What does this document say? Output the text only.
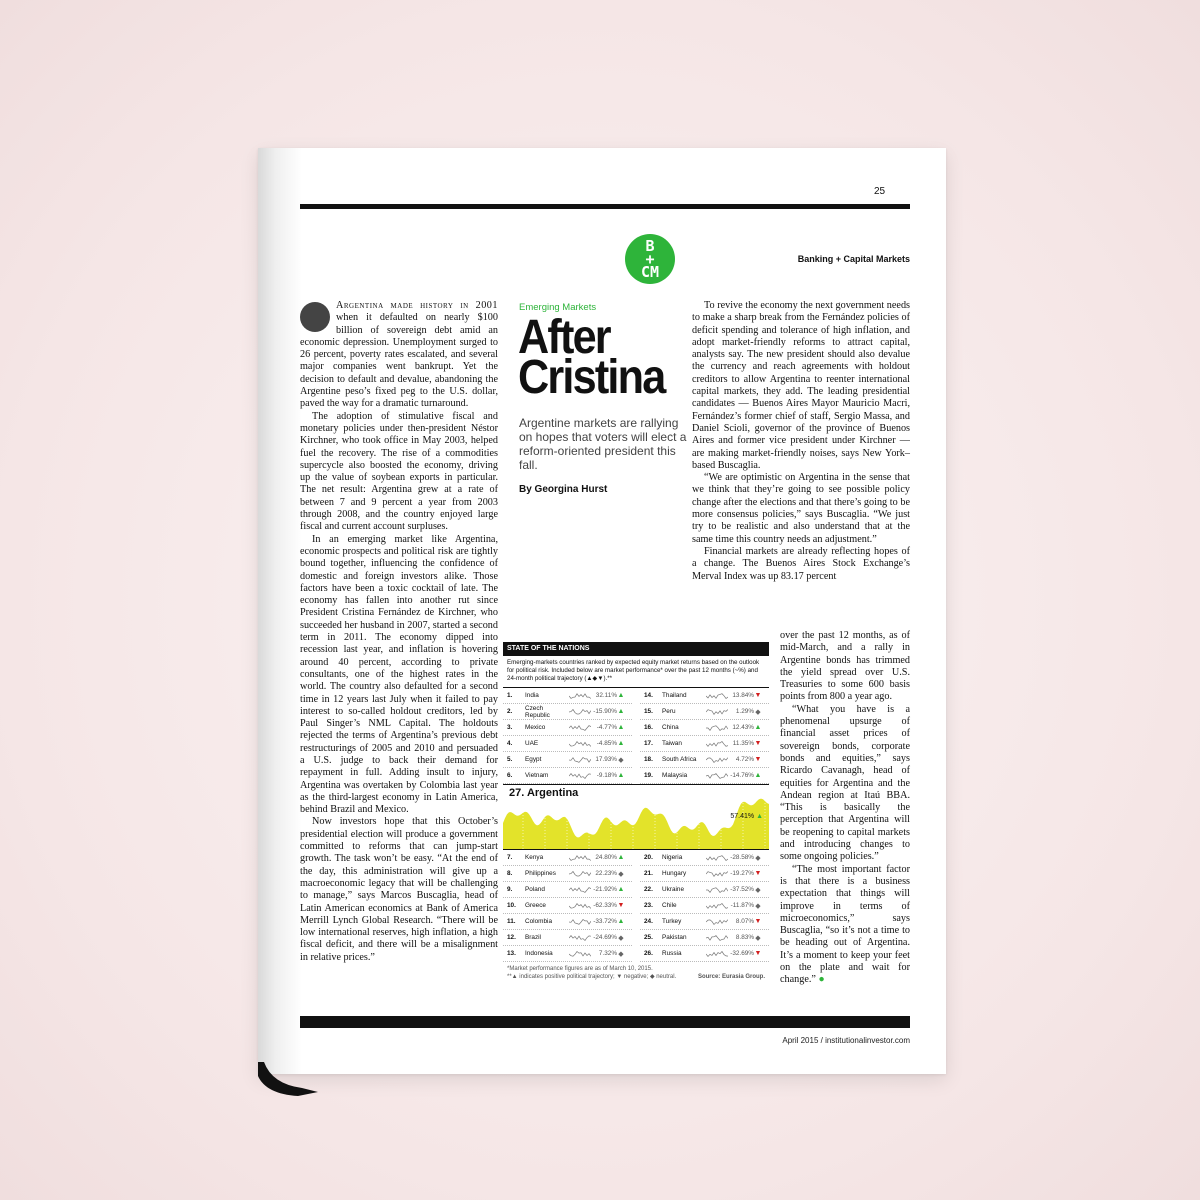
25
B
+
CM
Banking + Capital Markets

Argentina made history in 2001 when it defaulted on nearly $100 billion of sovereign debt amid an economic depression. Unemployment surged to 26 percent, poverty rates escalated, and several major companies went bankrupt. Yet the decision to default and devalue, abandoning the Argentine peso’s fixed peg to the U.S. dollar, paved the way for a dramatic turnaround.

The adoption of stimulative fiscal and monetary policies under then-president Néstor Kirchner, who took office in May 2003, helped fuel the recovery. The rise of a commodities supercycle also boosted the economy, driving up the value of soybean exports in particular. The net result: Argentina grew at a rate of between 7 and 9 percent a year from 2003 through 2008, and the country enjoyed large fiscal and current account surpluses.

In an emerging market like Argentina, economic prospects and political risk are tightly bound together, influencing the confidence of domestic and foreign investors alike. Those factors have been a toxic cocktail of late. The economy has fallen into another rut since President Cristina Fernández de Kirchner, who succeeded her husband in 2007, started a second term in 2011. The economy dipped into recession last year, and inflation is hovering around 40 percent, according to private consultants, one of the highest rates in the world. The country also defaulted for a second time in 12 years last July when it failed to pay interest to so-called holdout creditors, led by Paul Singer’s NML Capital. The holdouts rejected the terms of Argentina’s previous debt restructurings of 2005 and 2010 and persuaded a U.S. judge to back their demand for repayment in full. Adding insult to injury, Argentina was overtaken by Colombia last year as the third-largest economy in Latin America, behind Brazil and Mexico.

Now investors hope that this October’s presidential election will produce a government committed to reforms that can jump-start growth. The task won’t be easy. “At the end of the day, this administration will give up a macroeconomic legacy that will be challenging to manage,” says Marcos Buscaglia, head of Latin American economics at Bank of America Merrill Lynch Global Research. “There will be low international reserves, high inflation, a high fiscal deficit, and there will be a misalignment in relative prices.”

Emerging Markets
After
Cristina
Argentine markets are rallying on hopes that voters will elect a reform-oriented president this fall.
By Georgina Hurst

To revive the economy the next government needs to make a sharp break from the Fernández policies of deficit spending and tolerance of high inflation, and adopt market-friendly reforms to attract capital, analysts say. The new president should also devalue the currency and reach agreements with holdout creditors to allow Argentina to reenter international capital markets, they add. The leading presidential candidates — Buenos Aires Mayor Mauricio Macri, Fernández’s former chief of staff, Sergio Massa, and Daniel Scioli, governor of the province of Buenos Aires and former vice president under Kirchner — are making market-friendly noises, says New York–based Buscaglia.

“We are optimistic on Argentina in the sense that we think that they’re going to see possible policy change after the elections and that there’s going to be more consensus policies,” says Buscaglia. “We just try to be realistic and also understand that at the same time this country needs an adjustment.”

Financial markets are already reflecting hopes of a change. The Buenos Aires Stock Exchange’s Merval Index was up 83.17 percent

over the past 12 months, as of mid-March, and a rally in Argentine bonds has trimmed the yield spread over U.S. Treasuries to some 600 basis points from 800 a year ago.

“What you have is a phenomenal upsurge of financial asset prices of sovereign bonds, corporate bonds and equities,” says Ricardo Cavanagh, head of equities for Argentina and the Andean region at Itaú BBA. “This is basically the perception that Argentina will be reopening to capital markets and introducing changes to some ongoing policies.”

“The most important factor is that there is a business expectation that things will improve in terms of microeconomics,” says Buscaglia, “so it’s not a time to be heading out of Argentina. It’s a moment to keep your feet on the plate and wait for change.” ●

STATE OF THE NATIONS
Emerging-markets countries ranked by expected equity market returns based on the outlook for political risk. Included below are market performance* over the past 12 months (~%) and 24-month political trajectory (▲◆▼).**
1.	India	32.11% ▲	14.	Thailand	13.84% ▼
2.	Czech Republic	-15.90% ▲	15.	Peru	1.29% ◆
3.	Mexico	-4.77% ▲	16.	China	12.43% ▲
4.	UAE	-4.85% ▲	17.	Taiwan	11.35% ▼
5.	Egypt	17.93% ◆	18.	South Africa	4.72% ▼
6.	Vietnam	-9.18% ▲	19.	Malaysia	-14.76% ▲
27. Argentina
57.41% ▲
7.	Kenya	24.80% ▲	20.	Nigeria	-28.58% ◆
8.	Philippines	22.23% ◆	21.	Hungary	-19.27% ▼
9.	Poland	-21.92% ▲	22.	Ukraine	-37.52% ◆
10.	Greece	-62.33% ▼	23.	Chile	-11.87% ◆
11.	Colombia	-33.72% ▲	24.	Turkey	8.07% ▼
12.	Brazil	-24.69% ◆	25.	Pakistan	8.83% ◆
13.	Indonesia	7.32% ◆	26.	Russia	-32.69% ▼
*Market performance figures are as of March 10, 2015.
**▲ indicates positive political trajectory; ▼ negative; ◆ neutral.	Source: Eurasia Group.
April 2015 / institutionalinvestor.com
